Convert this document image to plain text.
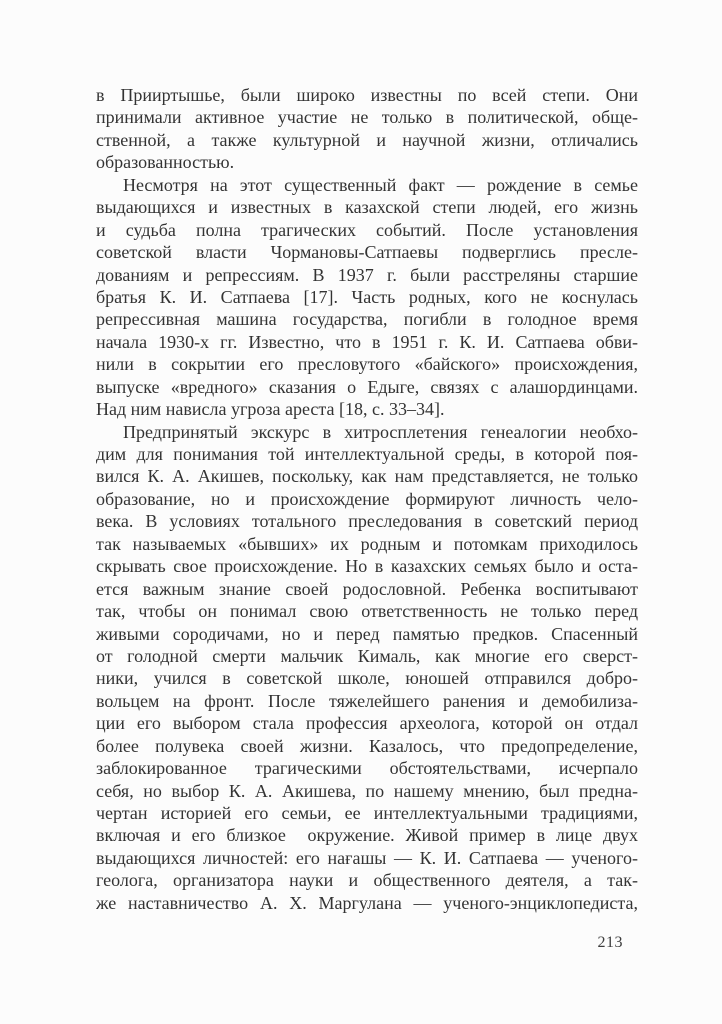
в Прииртышье, были широко известны по всей степи. Они
принимали активное участие не только в политической, обще-
ственной, а также культурной и научной жизни, отличались
образованностью.
Несмотря на этот существенный факт — рождение в семье
выдающихся и известных в казахской степи людей, его жизнь
и судьба полна трагических событий. После установления
советской власти Чормановы-Сатпаевы подверглись пресле-
дованиям и репрессиям. В 1937 г. были расстреляны старшие
братья К. И. Сатпаева [17]. Часть родных, кого не коснулась
репрессивная машина государства, погибли в голодное время
начала 1930-х гг. Известно, что в 1951 г. К. И. Сатпаева обви-
нили в сокрытии его пресловутого «байского» происхождения,
выпуске «вредного» сказания о Едыге, связях с алашординцами.
Над ним нависла угроза ареста [18, с. 33–34].
Предпринятый экскурс в хитросплетения генеалогии необхо-
дим для понимания той интеллектуальной среды, в которой поя-
вился К. А. Акишев, поскольку, как нам представляется, не только
образование, но и происхождение формируют личность чело-
века. В условиях тотального преследования в советский период
так называемых «бывших» их родным и потомкам приходилось
скрывать свое происхождение. Но в казахских семьях было и оста-
ется важным знание своей родословной. Ребенка воспитывают
так, чтобы он понимал свою ответственность не только перед
живыми сородичами, но и перед памятью предков. Спасенный
от голодной смерти мальчик Кималь, как многие его сверст-
ники, учился в советской школе, юношей отправился добро-
вольцем на фронт. После тяжелейшего ранения и демобилиза-
ции его выбором стала профессия археолога, которой он отдал
более полувека своей жизни. Казалось, что предопределение,
заблокированное трагическими обстоятельствами, исчерпало
себя, но выбор К. А. Акишева, по нашему мнению, был предна-
чертан историей его семьи, ее интеллектуальными традициями,
включая и его близкое  окружение. Живой пример в лице двух
выдающихся личностей: его нағашы — К. И. Сатпаева — ученого-
геолога, организатора науки и общественного деятеля, а так-
же наставничество А. Х. Маргулана — ученого-энциклопедиста,
213
